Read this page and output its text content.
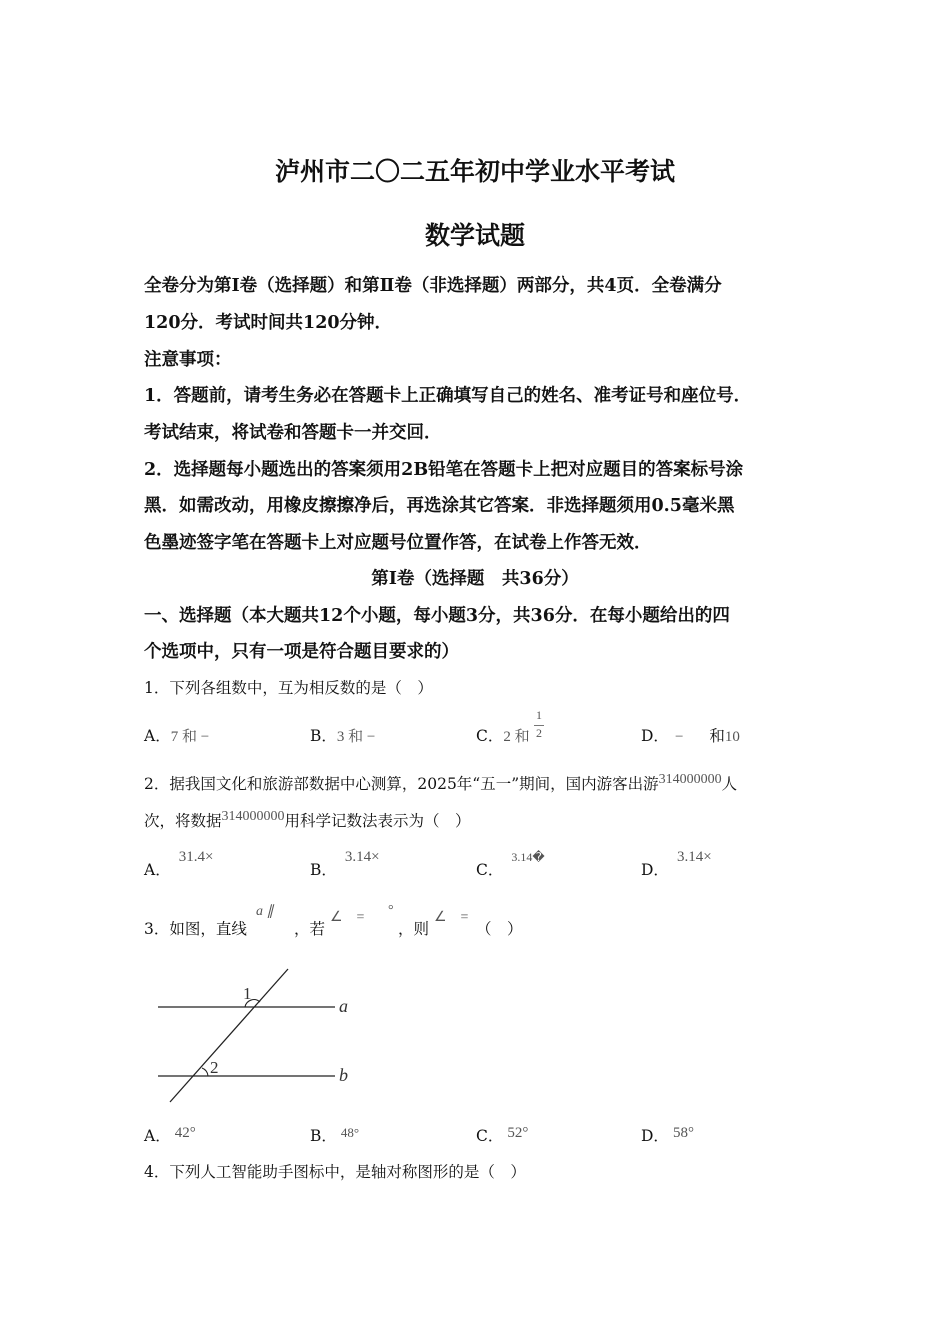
泸州市二〇二五年初中学业水平考试
数学试题
全卷分为第Ⅰ卷（选择题）和第Ⅱ卷（非选择题）两部分，共4页．全卷满分
120分．考试时间共120分钟．
注意事项：
1．答题前，请考生务必在答题卡上正确填写自己的姓名、准考证号和座位号．
考试结束，将试卷和答题卡一并交回．
2．选择题每小题选出的答案须用2B铅笔在答题卡上把对应题目的答案标号涂
黑．如需改动，用橡皮擦擦净后，再选涂其它答案．非选择题须用0.5毫米黑
色墨迹签字笔在答题卡上对应题号位置作答，在试卷上作答无效．
第Ⅰ卷（选择题　共36分）
一、选择题（本大题共12个小题，每小题3分，共36分．在每小题给出的四
个选项中，只有一项是符合题目要求的）
1．下列各组数中，互为相反数的是（　）
A．7 和 −	B．3 和 −	C．2 和
1
2	D． − 和10
2．据我国文化和旅游部数据中心测算，2025年“五一”期间，国内游客出游314000000人
次，将数据314000000用科学记数法表示为（　）
A．31.4×
B．3.14×
C．$^{3.14�}$
D．3.14×
3．如图，直线
a ∥
，若
∠　= °
，则
∠　=
（　）
1
2
a
b
A． 42°	B． $^{48^\circ}$	C． 52°	D． 58°
4．下列人工智能助手图标中，是轴对称图形的是（　）
